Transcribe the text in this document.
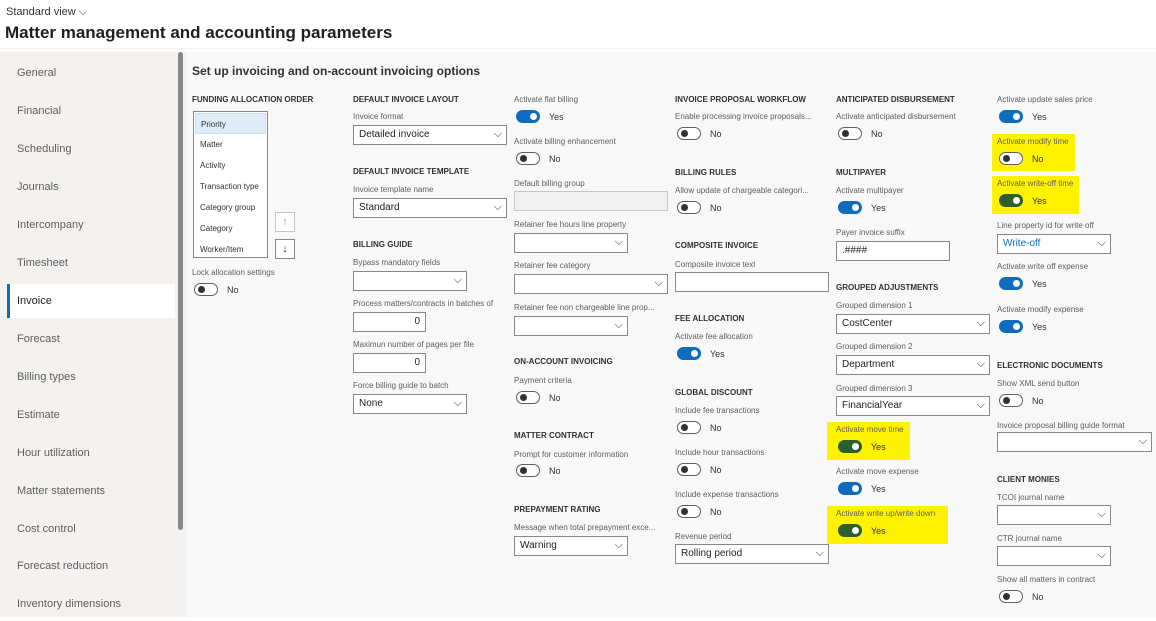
Standard view ⌵
Matter management and accounting parameters
General
Financial
Scheduling
Journals
Intercompany
Timesheet
Invoice
Forecast
Billing types
Estimate
Hour utilization
Matter statements
Cost control
Forecast reduction
Inventory dimensions
Set up invoicing and on-account invoicing options
FUNDING ALLOCATION ORDER
Priority
Matter
Activity
Transaction type
Category group
Category
Worker/Item
↑
↓
Lock allocation settings
No
DEFAULT INVOICE LAYOUT
Invoice format
Detailed invoice	⌵
DEFAULT INVOICE TEMPLATE
Invoice template name
Standard	⌵
BILLING GUIDE
Bypass mandatory fields
⌵
Process matters/contracts in batches of
0
Maximun number of pages per file
0
Force billing guide to batch
None	⌵
Activate flat billing
Yes
Activate billing enhancement
No
Default billing group
Retainer fee hours line property
⌵
Retainer fee category
⌵
Retainer fee non chargeable line prop...
⌵
ON-ACCOUNT INVOICING
Payment criteria
No
MATTER CONTRACT
Prompt for customer information
No
PREPAYMENT RATING
Message when total prepayment exce...
Warning	⌵
INVOICE PROPOSAL WORKFLOW
Enable processing invoice proposals...
No
BILLING RULES
Allow update of chargeable categori...
No
COMPOSITE INVOICE
Composite invoice text
FEE ALLOCATION
Activate fee allocation
Yes
GLOBAL DISCOUNT
Include fee transactions
No
Include hour transactions
No
Include expense transactions
No
Revenue period
Rolling period	⌵
ANTICIPATED DISBURSEMENT
Activate anticipated disbursement
No
MULTIPAYER
Activate multipayer
Yes
Payer invoice suffix
.####
GROUPED ADJUSTMENTS
Grouped dimension 1
CostCenter	⌵
Grouped dimension 2
Department	⌵
Grouped dimension 3
FinancialYear	⌵
Activate move time
Yes
Activate move expense
Yes
Activate write up/write down
Yes
Activate update sales price
Yes
Activate modify time
No
Activate write-off time
Yes
Line property id for write off
Write-off	⌵
Activate write off expense
Yes
Activate modify expense
Yes
ELECTRONIC DOCUMENTS
Show XML send button
No
Invoice proposal billing guide format
⌵
CLIENT MONIES
TCOI journal name
⌵
CTR journal name
⌵
Show all matters in contract
No
